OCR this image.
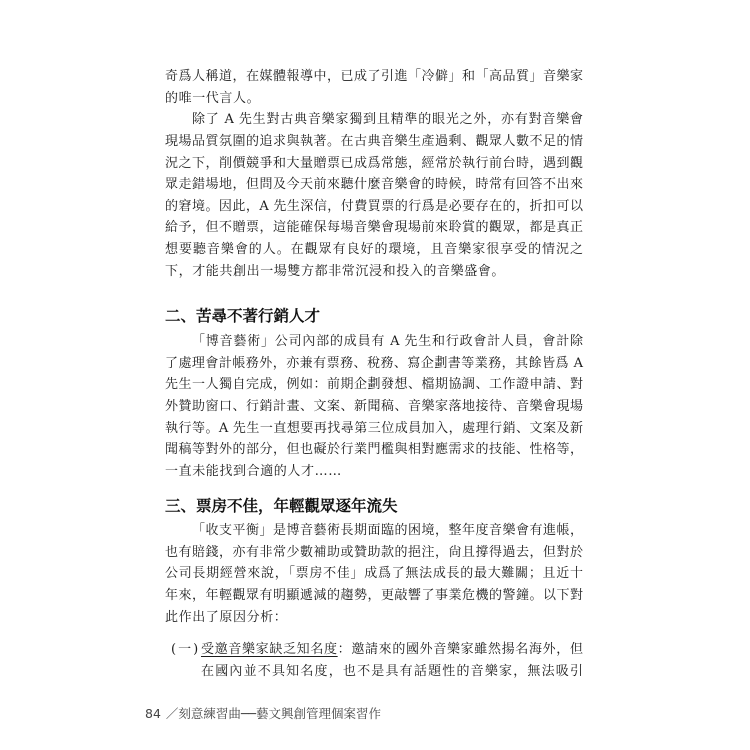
奇爲人稱道，在媒體報導中，已成了引進「冷僻」和「高品質」音樂家
的唯一代言人。
除了 A 先生對古典音樂家獨到且精準的眼光之外，亦有對音樂會
現場品質氛圍的追求與執著。在古典音樂生產過剩、觀眾人數不足的情
況之下，削價競爭和大量贈票已成爲常態，經常於執行前台時，遇到觀
眾走錯場地，但問及今天前來聽什麼音樂會的時候，時常有回答不出來
的窘境。因此，A 先生深信，付費買票的行爲是必要存在的，折扣可以
給予，但不贈票，這能確保每場音樂會現場前來聆賞的觀眾，都是真正
想要聽音樂會的人。在觀眾有良好的環境，且音樂家很享受的情況之
下，才能共創出一場雙方都非常沉浸和投入的音樂盛會。
二、苦尋不著行銷人才
「博音藝術」公司內部的成員有 A 先生和行政會計人員，會計除
了處理會計帳務外，亦兼有票務、稅務、寫企劃書等業務，其餘皆爲 A
先生一人獨自完成，例如：前期企劃發想、檔期協調、工作證申請、對
外贊助窗口、行銷計畫、文案、新聞稿、音樂家落地接待、音樂會現場
執行等。A 先生一直想要再找尋第三位成員加入，處理行銷、文案及新
聞稿等對外的部分，但也礙於行業門檻與相對應需求的技能、性格等，
一直未能找到合適的人才……
三、票房不佳，年輕觀眾逐年流失
「收支平衡」是博音藝術長期面臨的困境，整年度音樂會有進帳，
也有賠錢，亦有非常少數補助或贊助款的挹注，尙且撐得過去，但對於
公司長期經營來說，「票房不佳」成爲了無法成長的最大難關；且近十
年來，年輕觀眾有明顯遞減的趨勢，更敲響了事業危機的警鐘。以下對
此作出了原因分析：
(一) 受邀音樂家缺乏知名度：邀請來的國外音樂家雖然揚名海外，但
在國內並不具知名度，也不是具有話題性的音樂家，無法吸引
84 ／刻意練習曲──藝文興創管理個案習作
